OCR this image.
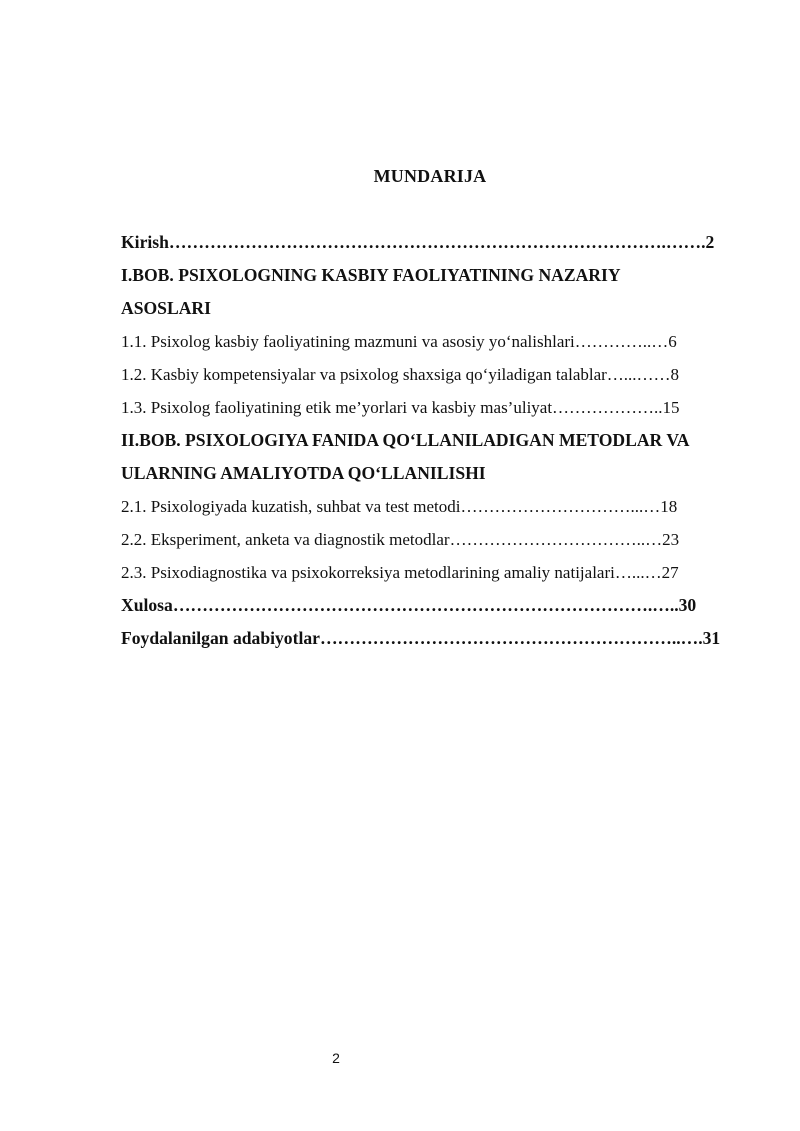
MUNDARIJA
Kirish………………………………………………………………………….…….2
I.BOB. PSIXOLOGNING KASBIY FAOLIYATINING NAZARIY
ASOSLARI
1.1. Psixolog kasbiy faoliyatining mazmuni va asosiy yo‘nalishlari…………..…6
1.2. Kasbiy kompetensiyalar va psixolog shaxsiga qo‘yiladigan talablar…...……8
1.3. Psixolog faoliyatining etik me’yorlari va kasbiy mas’uliyat………………..15
II.BOB. PSIXOLOGIYA FANIDA QO‘LLANILADIGAN METODLAR VA
ULARNING AMALIYOTDA QO‘LLANILISHI
2.1. Psixologiyada kuzatish, suhbat va test metodi…………………………...…18
2.2. Eksperiment, anketa va diagnostik metodlar……………………………..…23
2.3. Psixodiagnostika va psixokorreksiya metodlarining amaliy natijalari…...…27
Xulosa……………………………………………………………………….…..30
Foydalanilgan adabiyotlar……………………………………………………..….31
2
